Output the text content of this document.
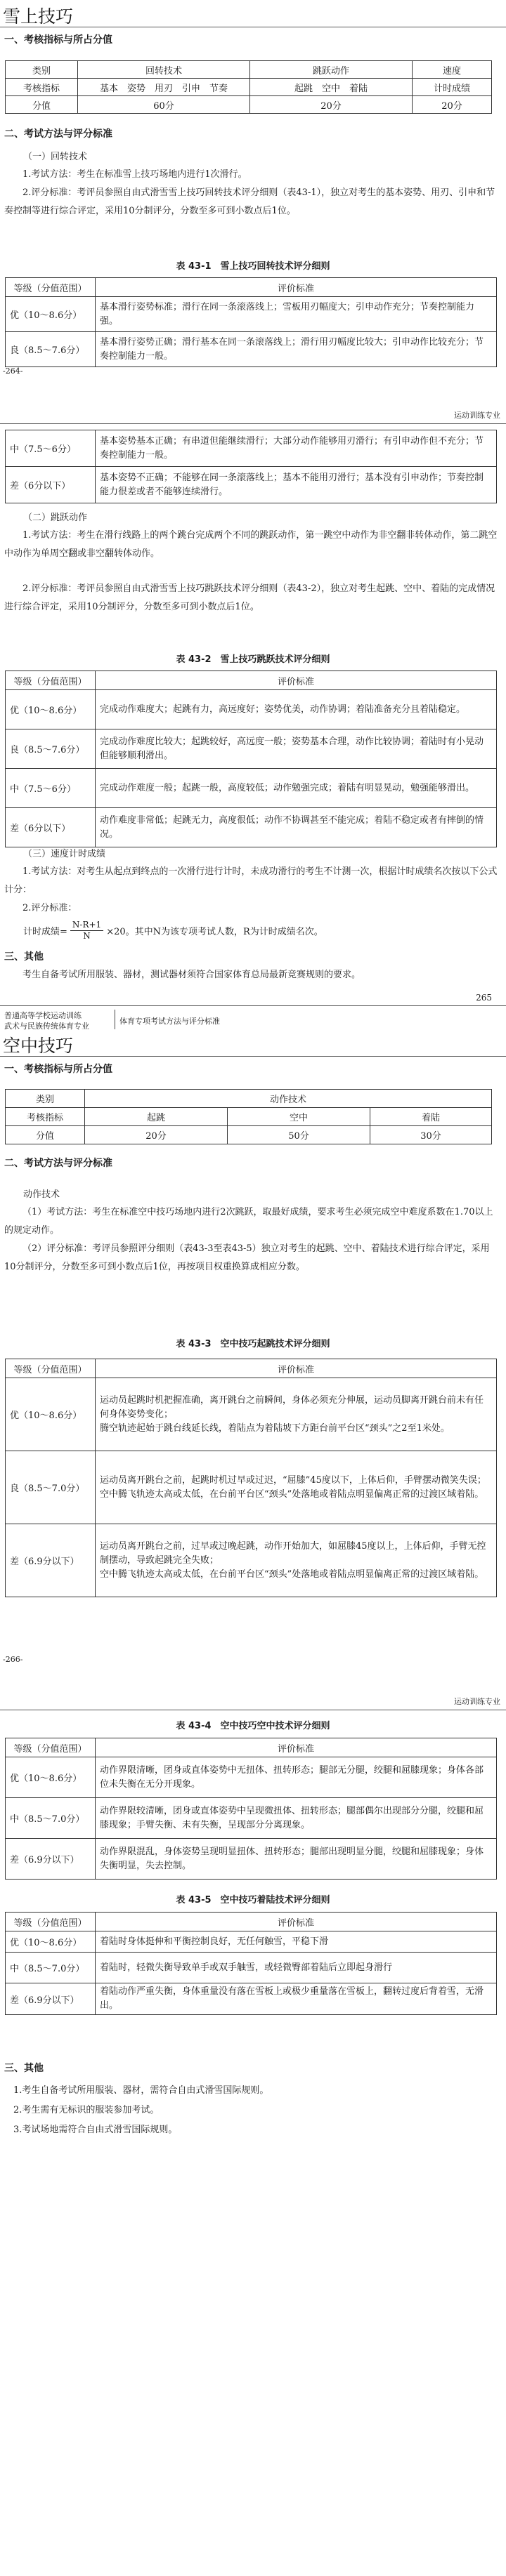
雪上技巧
一、考核指标与所占分值
类别	回转技术	跳跃动作	速度
考核指标	基本　姿势　用刃　引申　节奏	起跳　空中　着陆	计时成绩
分值	60分	20分	20分
二、考试方法与评分标准
（一）回转技术

1.考试方法：考生在标准雪上技巧场地内进行1次滑行。

2.评分标准：考评员参照自由式滑雪雪上技巧回转技术评分细则（表43-1），独立对考生的基本姿势、用刃、引申和节奏控制等进行综合评定，采用10分制评分，分数至多可到小数点后1位。

表 43-1　雪上技巧回转技术评分细则
等级（分值范围）	评价标准
优（10～8.6分）	基本滑行姿势标准；滑行在同一条滚落线上；雪板用刃幅度大；引申动作充分；节奏控制能力强。
良（8.5～7.6分）	基本滑行姿势正确；滑行基本在同一条滚落线上；滑行用刃幅度比较大；引申动作比较充分；节奏控制能力一般。
-264-
运动训练专业
中（7.5～6分）	基本姿势基本正确；有串道但能继续滑行；大部分动作能够用刃滑行；有引申动作但不充分；节奏控制能力一般。
差（6分以下）	基本姿势不正确；不能够在同一条滚落线上；基本不能用刃滑行；基本没有引申动作；节奏控制能力很差或者不能够连续滑行。
（二）跳跃动作

1.考试方法：考生在滑行线路上的两个跳台完成两个不同的跳跃动作，第一跳空中动作为非空翻非转体动作，第二跳空中动作为单周空翻或非空翻转体动作。

2.评分标准：考评员参照自由式滑雪雪上技巧跳跃技术评分细则（表43-2），独立对考生起跳、空中、着陆的完成情况进行综合评定，采用10分制评分，分数至多可到小数点后1位。

表 43-2　雪上技巧跳跃技术评分细则
等级（分值范围）	评价标准
优（10～8.6分）	完成动作难度大；起跳有力，高远度好；姿势优美，动作协调；着陆准备充分且着陆稳定。
良（8.5～7.6分）	完成动作难度比较大；起跳较好，高远度一般；姿势基本合理，动作比较协调；着陆时有小晃动但能够顺利滑出。
中（7.5～6分）	完成动作难度一般；起跳一般，高度较低；动作勉强完成；着陆有明显晃动，勉强能够滑出。
差（6分以下）	动作难度非常低；起跳无力，高度很低；动作不协调甚至不能完成；着陆不稳定或者有摔倒的情况。
（三）速度计时成绩

1.考试方法：对考生从起点到终点的一次滑行进行计时，未成功滑行的考生不计测一次，根据计时成绩名次按以下公式计分：

2.评分标准：

计时成绩= $\frac{N-R+1}{N} \times 20$。其中N为该专项考试人数，R为计时成绩名次。
三、其他

考生自备考试所用服装、器材，测试器材须符合国家体育总局最新竞赛规则的要求。

265
普通高等学校运动训练
武术与民族传统体育专业
体育专项考试方法与评分标准
空中技巧
一、考核指标与所占分值
类别	动作技术		
考核指标	起跳	空中	着陆
分值	20分	50分	30分
二、考试方法与评分标准
动作技术

（1）考试方法：考生在标准空中技巧场地内进行2次跳跃，取最好成绩，要求考生必须完成空中难度系数在1.70以上的规定动作。

（2）评分标准：考评员参照评分细则（表43-3至表43-5）独立对考生的起跳、空中、着陆技术进行综合评定，采用10分制评分，分数至多可到小数点后1位，再按项目权重换算成相应分数。

表 43-3　空中技巧起跳技术评分细则
等级（分值范围）	评价标准
优（10～8.6分）	运动员起跳时机把握准确，离开跳台之前瞬间，身体必须充分伸展，运动员脚离开跳台前未有任何身体姿势变化；
腾空轨迹起始于跳台线延长线，着陆点为着陆坡下方距台前平台区“颈头”之2至1米处。
良（8.5～7.0分）	运动员离开跳台之前，起跳时机过早或过迟，“屈膝”45度以下，上体后仰，手臂摆动微笑失误；
空中腾飞轨迹太高或太低，在台前平台区“颈头”处落地或着陆点明显偏离正常的过渡区域着陆。
差（6.9分以下）	运动员离开跳台之前，过早或过晚起跳，动作开始加大，如屈膝45度以上，上体后仰，手臂无控制摆动，导致起跳完全失败；
空中腾飞轨迹太高或太低，在台前平台区“颈头”处落地或着陆点明显偏离正常的过渡区域着陆。
-266-
运动训练专业
表 43-4　空中技巧空中技术评分细则
等级（分值范围）	评价标准
优（10～8.6分）	动作界限清晰，团身或直体姿势中无扭体、扭转形态；腿部无分腿，绞腿和屈膝现象；身体各部位未失衡在无分开现象。
中（8.5～7.0分）	动作界限较清晰，团身或直体姿势中呈现微扭体、扭转形态；腿部偶尔出现部分分腿，绞腿和屈膝现象；手臂失衡、未有失衡，呈现部分分离现象。
差（6.9分以下）	动作界限混乱，身体姿势呈现明显扭体、扭转形态；腿部出现明显分腿，绞腿和屈膝现象；身体失衡明显，失去控制。
表 43-5　空中技巧着陆技术评分细则
等级（分值范围）	评价标准
优（10～8.6分）	着陆时身体挺伸和平衡控制良好，无任何触雪，平稳下滑
中（8.5～7.0分）	着陆时，轻微失衡导致单手或双手触雪，或轻微臀部着陆后立即起身滑行
差（6.9分以下）	着陆动作严重失衡，身体重量没有落在雪板上或极少重量落在雪板上，翻转过度后背着雪，无滑出。
三、其他

1.考生自备考试所用服装、器材，需符合自由式滑雪国际规则。

2.考生需有无标识的服装参加考试。

3.考试场地需符合自由式滑雪国际规则。
